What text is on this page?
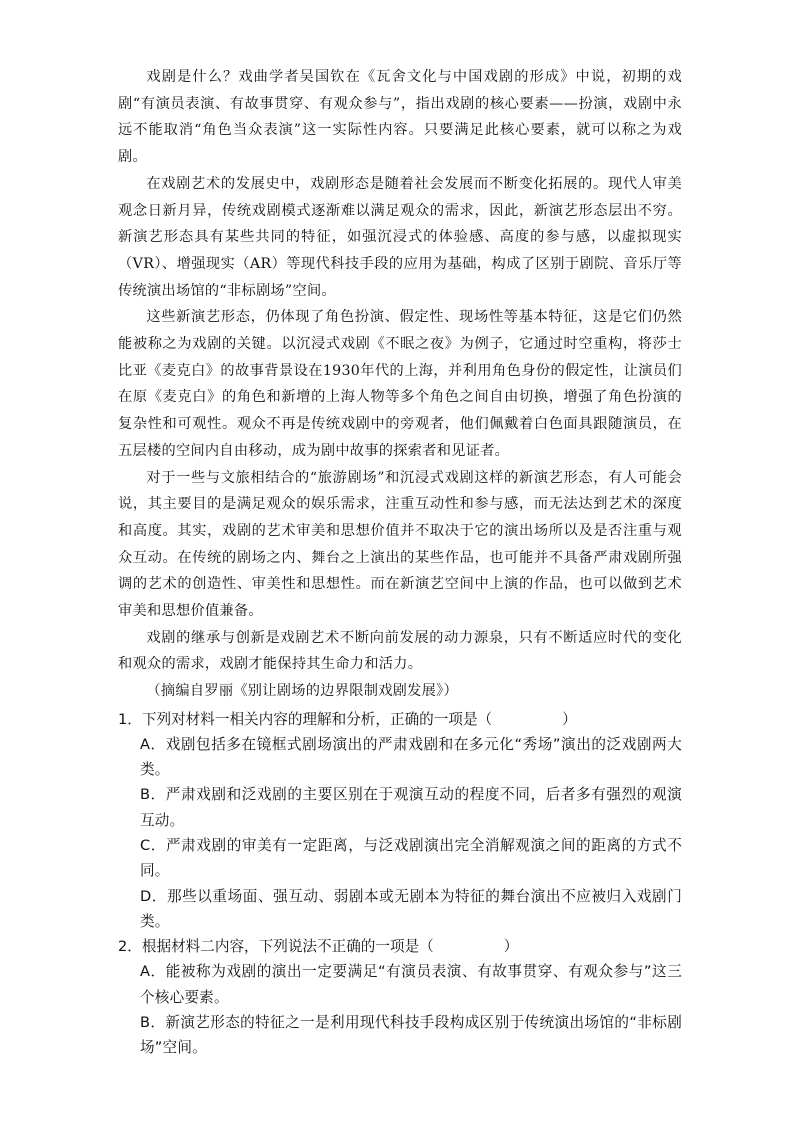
戏剧是什么？戏曲学者吴国钦在《瓦舍文化与中国戏剧的形成》中说，初期的戏剧“有演员表演、有故事贯穿、有观众参与”，指出戏剧的核心要素——扮演，戏剧中永远不能取消“角色当众表演”这一实际性内容。只要满足此核心要素，就可以称之为戏剧。

在戏剧艺术的发展史中，戏剧形态是随着社会发展而不断变化拓展的。现代人审美观念日新月异，传统戏剧模式逐渐难以满足观众的需求，因此，新演艺形态层出不穷。新演艺形态具有某些共同的特征，如强沉浸式的体验感、高度的参与感，以虚拟现实（VR）、增强现实（AR）等现代科技手段的应用为基础，构成了区别于剧院、音乐厅等传统演出场馆的“非标剧场”空间。

这些新演艺形态，仍体现了角色扮演、假定性、现场性等基本特征，这是它们仍然能被称之为戏剧的关键。以沉浸式戏剧《不眠之夜》为例子，它通过时空重构，将莎士比亚《麦克白》的故事背景设在1930年代的上海，并利用角色身份的假定性，让演员们在原《麦克白》的角色和新增的上海人物等多个角色之间自由切换，增强了角色扮演的复杂性和可观性。观众不再是传统戏剧中的旁观者，他们佩戴着白色面具跟随演员，在五层楼的空间内自由移动，成为剧中故事的探索者和见证者。

对于一些与文旅相结合的“旅游剧场”和沉浸式戏剧这样的新演艺形态，有人可能会说，其主要目的是满足观众的娱乐需求，注重互动性和参与感，而无法达到艺术的深度和高度。其实，戏剧的艺术审美和思想价值并不取决于它的演出场所以及是否注重与观众互动。在传统的剧场之内、舞台之上演出的某些作品，也可能并不具备严肃戏剧所强调的艺术的创造性、审美性和思想性。而在新演艺空间中上演的作品，也可以做到艺术审美和思想价值兼备。

戏剧的继承与创新是戏剧艺术不断向前发展的动力源泉，只有不断适应时代的变化和观众的需求，戏剧才能保持其生命力和活力。

（摘编自罗丽《别让剧场的边界限制戏剧发展》）

1．下列对材料一相关内容的理解和分析，正确的一项是（	）

A．戏剧包括多在镜框式剧场演出的严肃戏剧和在多元化“秀场”演出的泛戏剧两大类。
B．严肃戏剧和泛戏剧的主要区别在于观演互动的程度不同，后者多有强烈的观演互动。
C．严肃戏剧的审美有一定距离，与泛戏剧演出完全消解观演之间的距离的方式不同。
D．那些以重场面、强互动、弱剧本或无剧本为特征的舞台演出不应被归入戏剧门类。

2．根据材料二内容，下列说法不正确的一项是（	）

A．能被称为戏剧的演出一定要满足“有演员表演、有故事贯穿、有观众参与”这三个核心要素。
B．新演艺形态的特征之一是利用现代科技手段构成区别于传统演出场馆的“非标剧场”空间。
